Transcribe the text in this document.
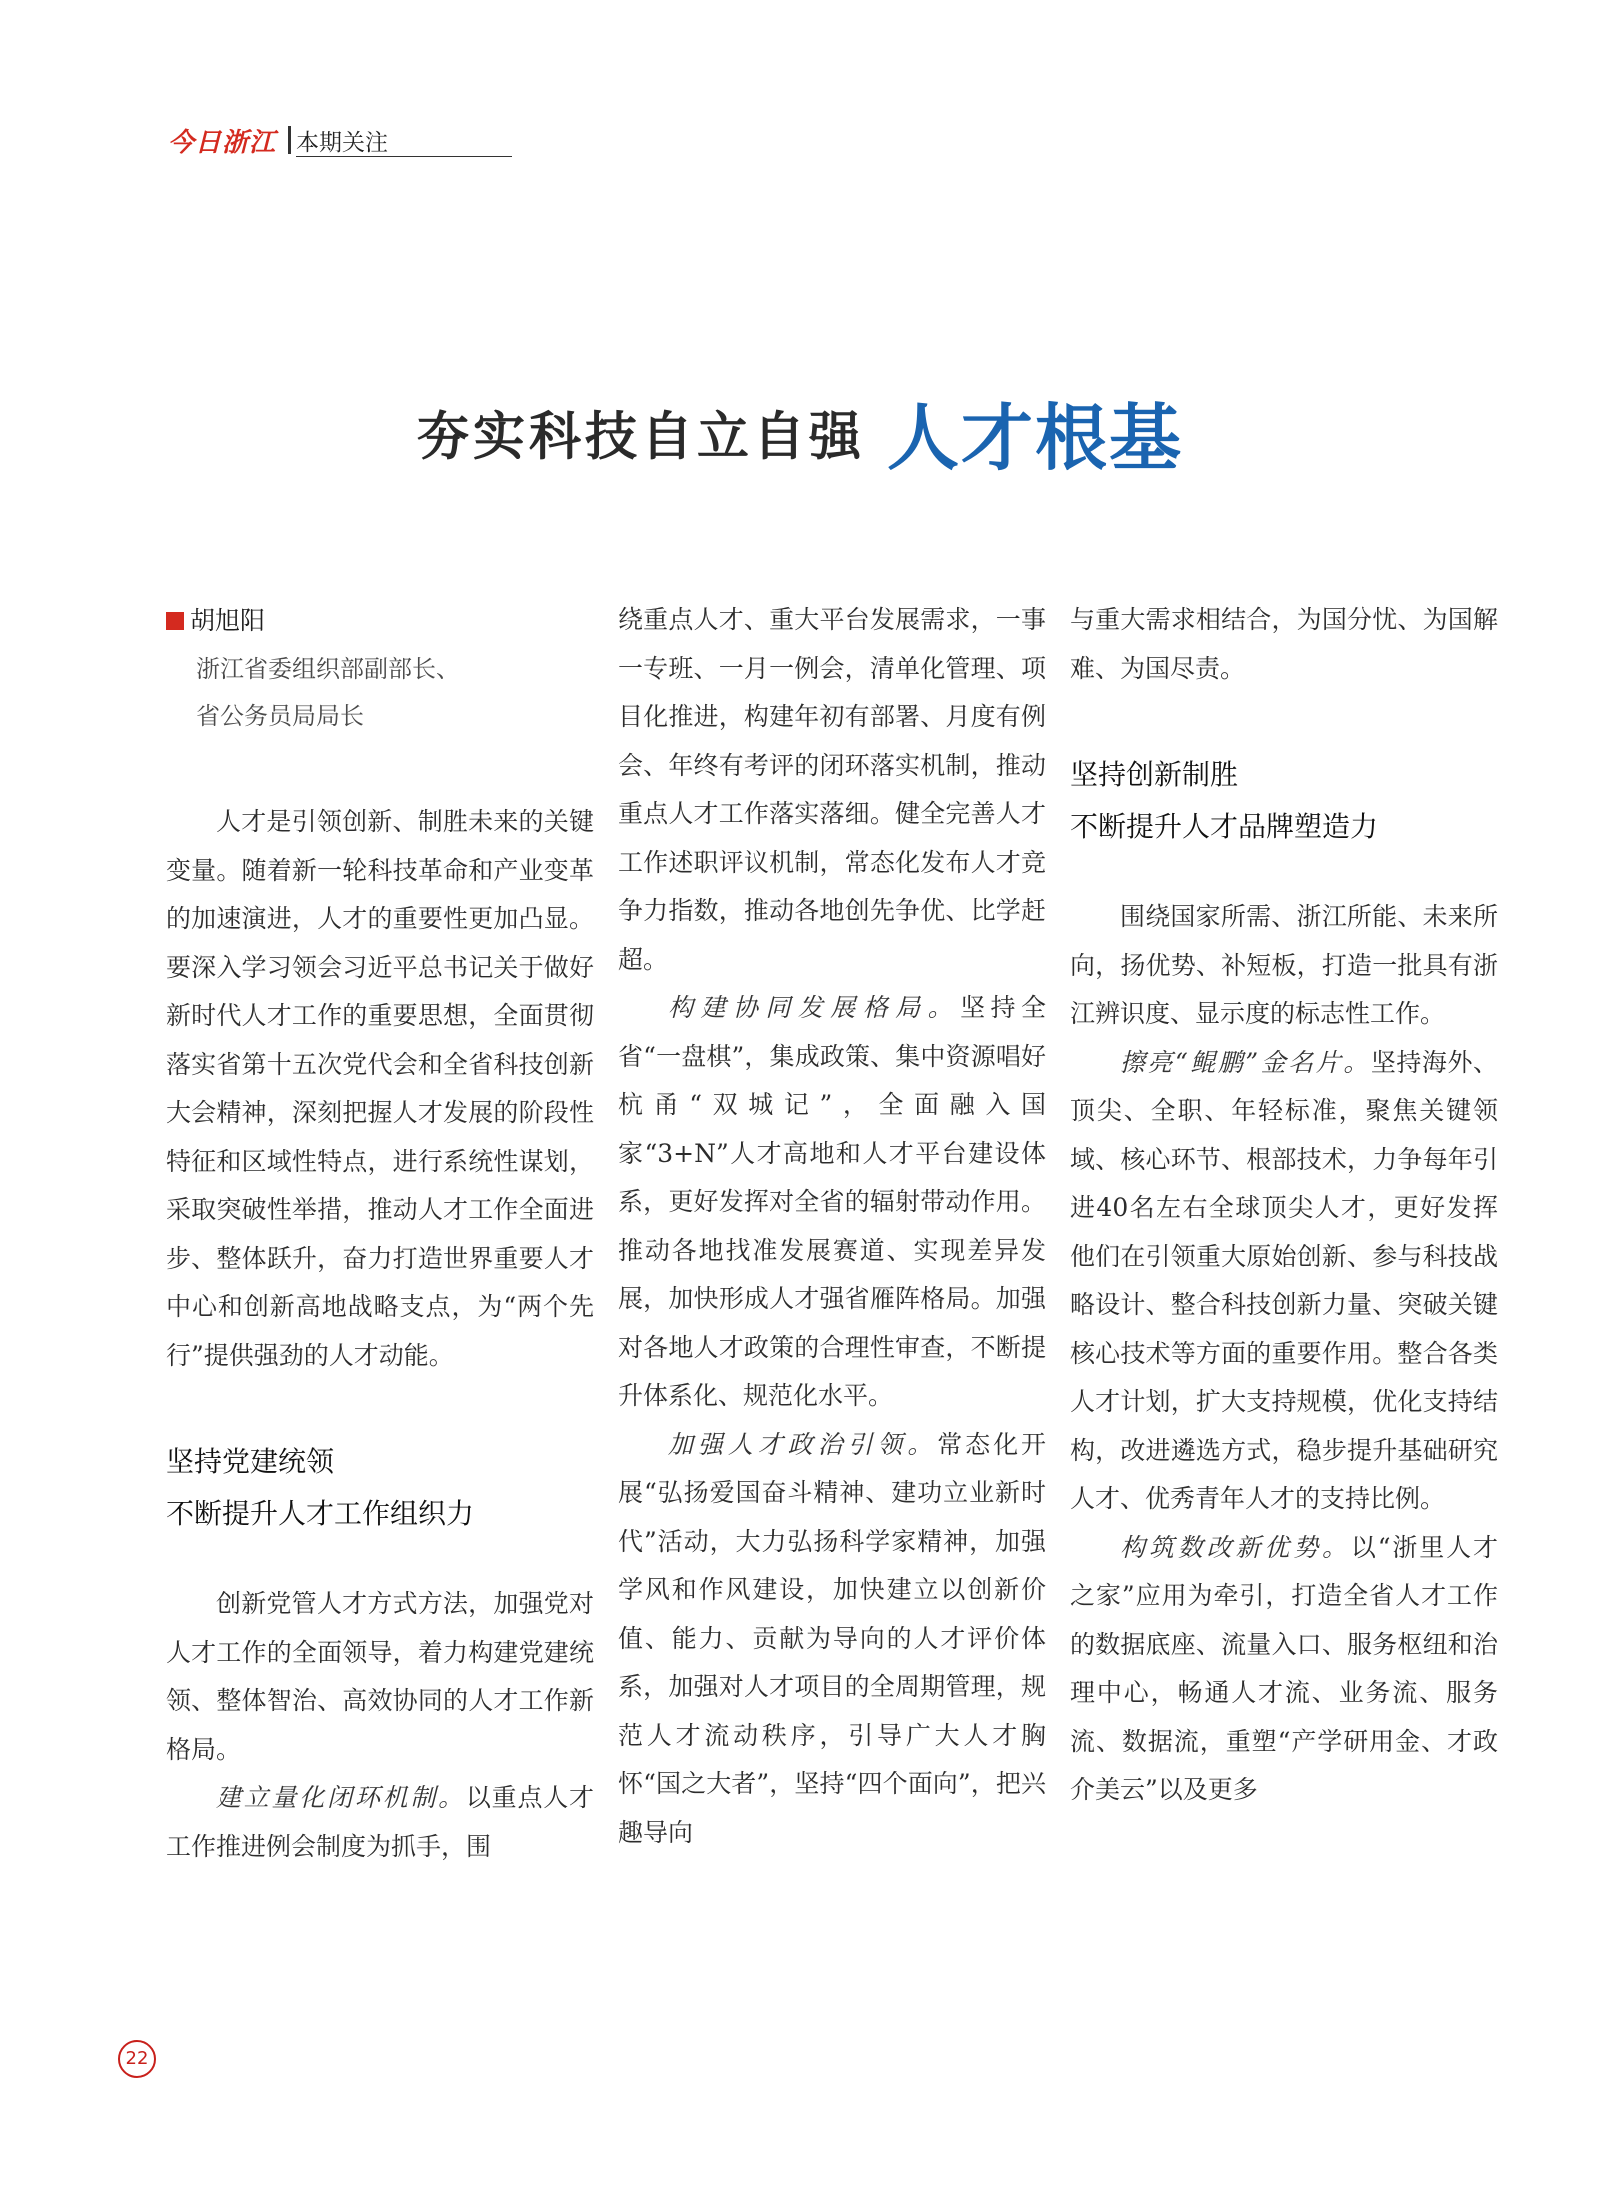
今日浙江 本期关注
夯实科技自立自强 人才根基
胡旭阳
浙江省委组织部副部长、
省公务员局局长

人才是引领创新、制胜未来的关键变量。随着新一轮科技革命和产业变革的加速演进，人才的重要性更加凸显。要深入学习领会习近平总书记关于做好新时代人才工作的重要思想，全面贯彻落实省第十五次党代会和全省科技创新大会精神，深刻把握人才发展的阶段性特征和区域性特点，进行系统性谋划，采取突破性举措，推动人才工作全面进步、整体跃升，奋力打造世界重要人才中心和创新高地战略支点，为“两个先行”提供强劲的人才动能。

坚持党建统领
不断提升人才工作组织力

创新党管人才方式方法，加强党对人才工作的全面领导，着力构建党建统领、整体智治、高效协同的人才工作新格局。

建立量化闭环机制。以重点人才工作推进例会制度为抓手，围

绕重点人才、重大平台发展需求，一事一专班、一月一例会，清单化管理、项目化推进，构建年初有部署、月度有例会、年终有考评的闭环落实机制，推动重点人才工作落实落细。健全完善人才工作述职评议机制，常态化发布人才竞争力指数，推动各地创先争优、比学赶超。

构建协同发展格局。坚持全省“一盘棋”，集成政策、集中资源唱好杭甬“双城记”，全面融入国家“3+N”人才高地和人才平台建设体系，更好发挥对全省的辐射带动作用。推动各地找准发展赛道、实现差异发展，加快形成人才强省雁阵格局。加强对各地人才政策的合理性审查，不断提升体系化、规范化水平。

加强人才政治引领。常态化开展“弘扬爱国奋斗精神、建功立业新时代”活动，大力弘扬科学家精神，加强学风和作风建设，加快建立以创新价值、能力、贡献为导向的人才评价体系，加强对人才项目的全周期管理，规范人才流动秩序，引导广大人才胸怀“国之大者”，坚持“四个面向”，把兴趣导向

与重大需求相结合，为国分忧、为国解难、为国尽责。

坚持创新制胜
不断提升人才品牌塑造力

围绕国家所需、浙江所能、未来所向，扬优势、补短板，打造一批具有浙江辨识度、显示度的标志性工作。

擦亮“鲲鹏”金名片。坚持海外、顶尖、全职、年轻标准，聚焦关键领域、核心环节、根部技术，力争每年引进40名左右全球顶尖人才，更好发挥他们在引领重大原始创新、参与科技战略设计、整合科技创新力量、突破关键核心技术等方面的重要作用。整合各类人才计划，扩大支持规模，优化支持结构，改进遴选方式，稳步提升基础研究人才、优秀青年人才的支持比例。

构筑数改新优势。以“浙里人才之家”应用为牵引，打造全省人才工作的数据底座、流量入口、服务枢纽和治理中心，畅通人才流、业务流、服务流、数据流，重塑“产学研用金、才政介美云”以及更多

22
